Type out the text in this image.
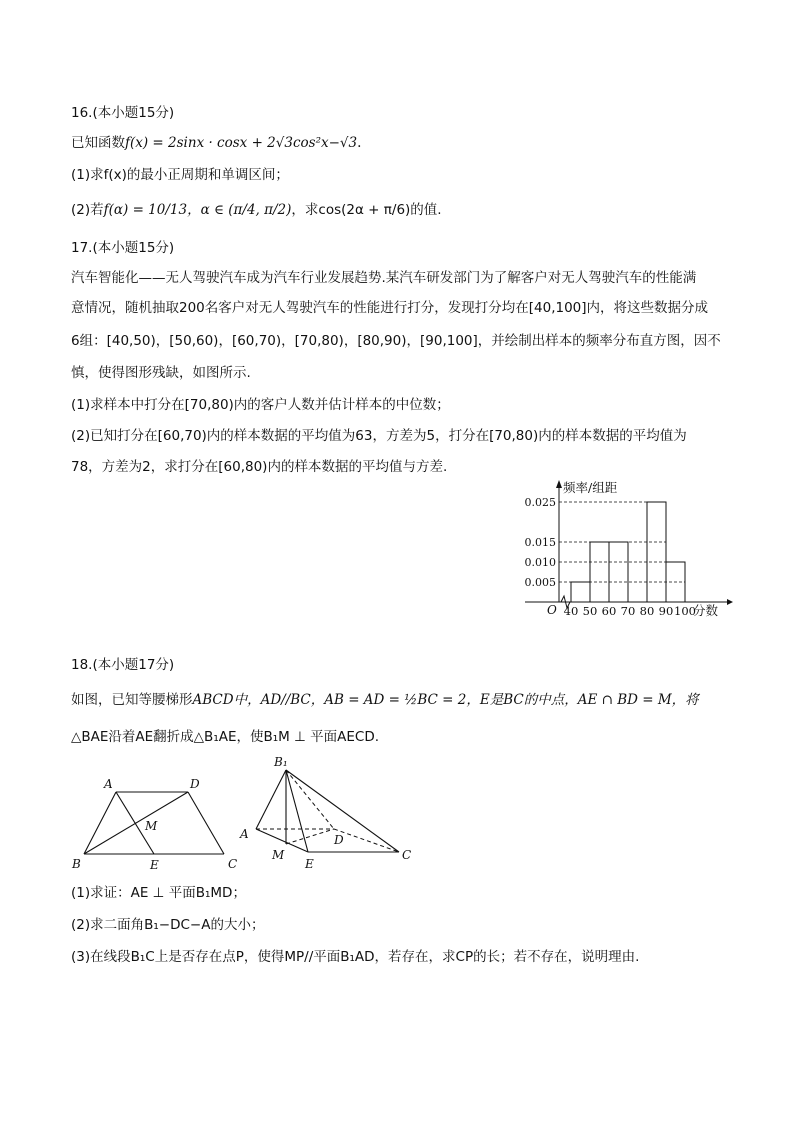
16.(本小题15分)
已知函数f(x) = 2sinx · cosx + 2√3cos²x−√3.
(1)求f(x)的最小正周期和单调区间；
(2)若f(α) = 10/13，α ∈ (π/4, π/2)，求cos(2α + π/6)的值.
17.(本小题15分)
汽车智能化——无人驾驶汽车成为汽车行业发展趋势.某汽车研发部门为了解客户对无人驾驶汽车的性能满
意情况，随机抽取200名客户对无人驾驶汽车的性能进行打分，发现打分均在[40,100]内，将这些数据分成
6组：[40,50)，[50,60)，[60,70)，[70,80)，[80,90)，[90,100]，并绘制出样本的频率分布直方图，因不
慎，使得图形残缺，如图所示.
(1)求样本中打分在[70,80)内的客户人数并估计样本的中位数；
(2)已知打分在[60,70)内的样本数据的平均值为63，方差为5，打分在[70,80)内的样本数据的平均值为
78，方差为2，求打分在[60,80)内的样本数据的平均值与方差.
频率/组距
分数
O
0.025
0.015
0.010
0.005
40 50 60 70 80 90 100
18.(本小题17分)
如图，已知等腰梯形ABCD中，AD//BC，AB = AD = ½BC = 2，E是BC的中点，AE ∩ BD = M，将
△BAE沿着AE翻折成△B₁AE，使B₁M ⊥ 平面AECD.
A	D
M
B	E	C
B₁
A	D
M
E
C
(1)求证：AE ⊥ 平面B₁MD；
(2)求二面角B₁−DC−A的大小；
(3)在线段B₁C上是否存在点P，使得MP//平面B₁AD，若存在，求CP的长；若不存在，说明理由.
